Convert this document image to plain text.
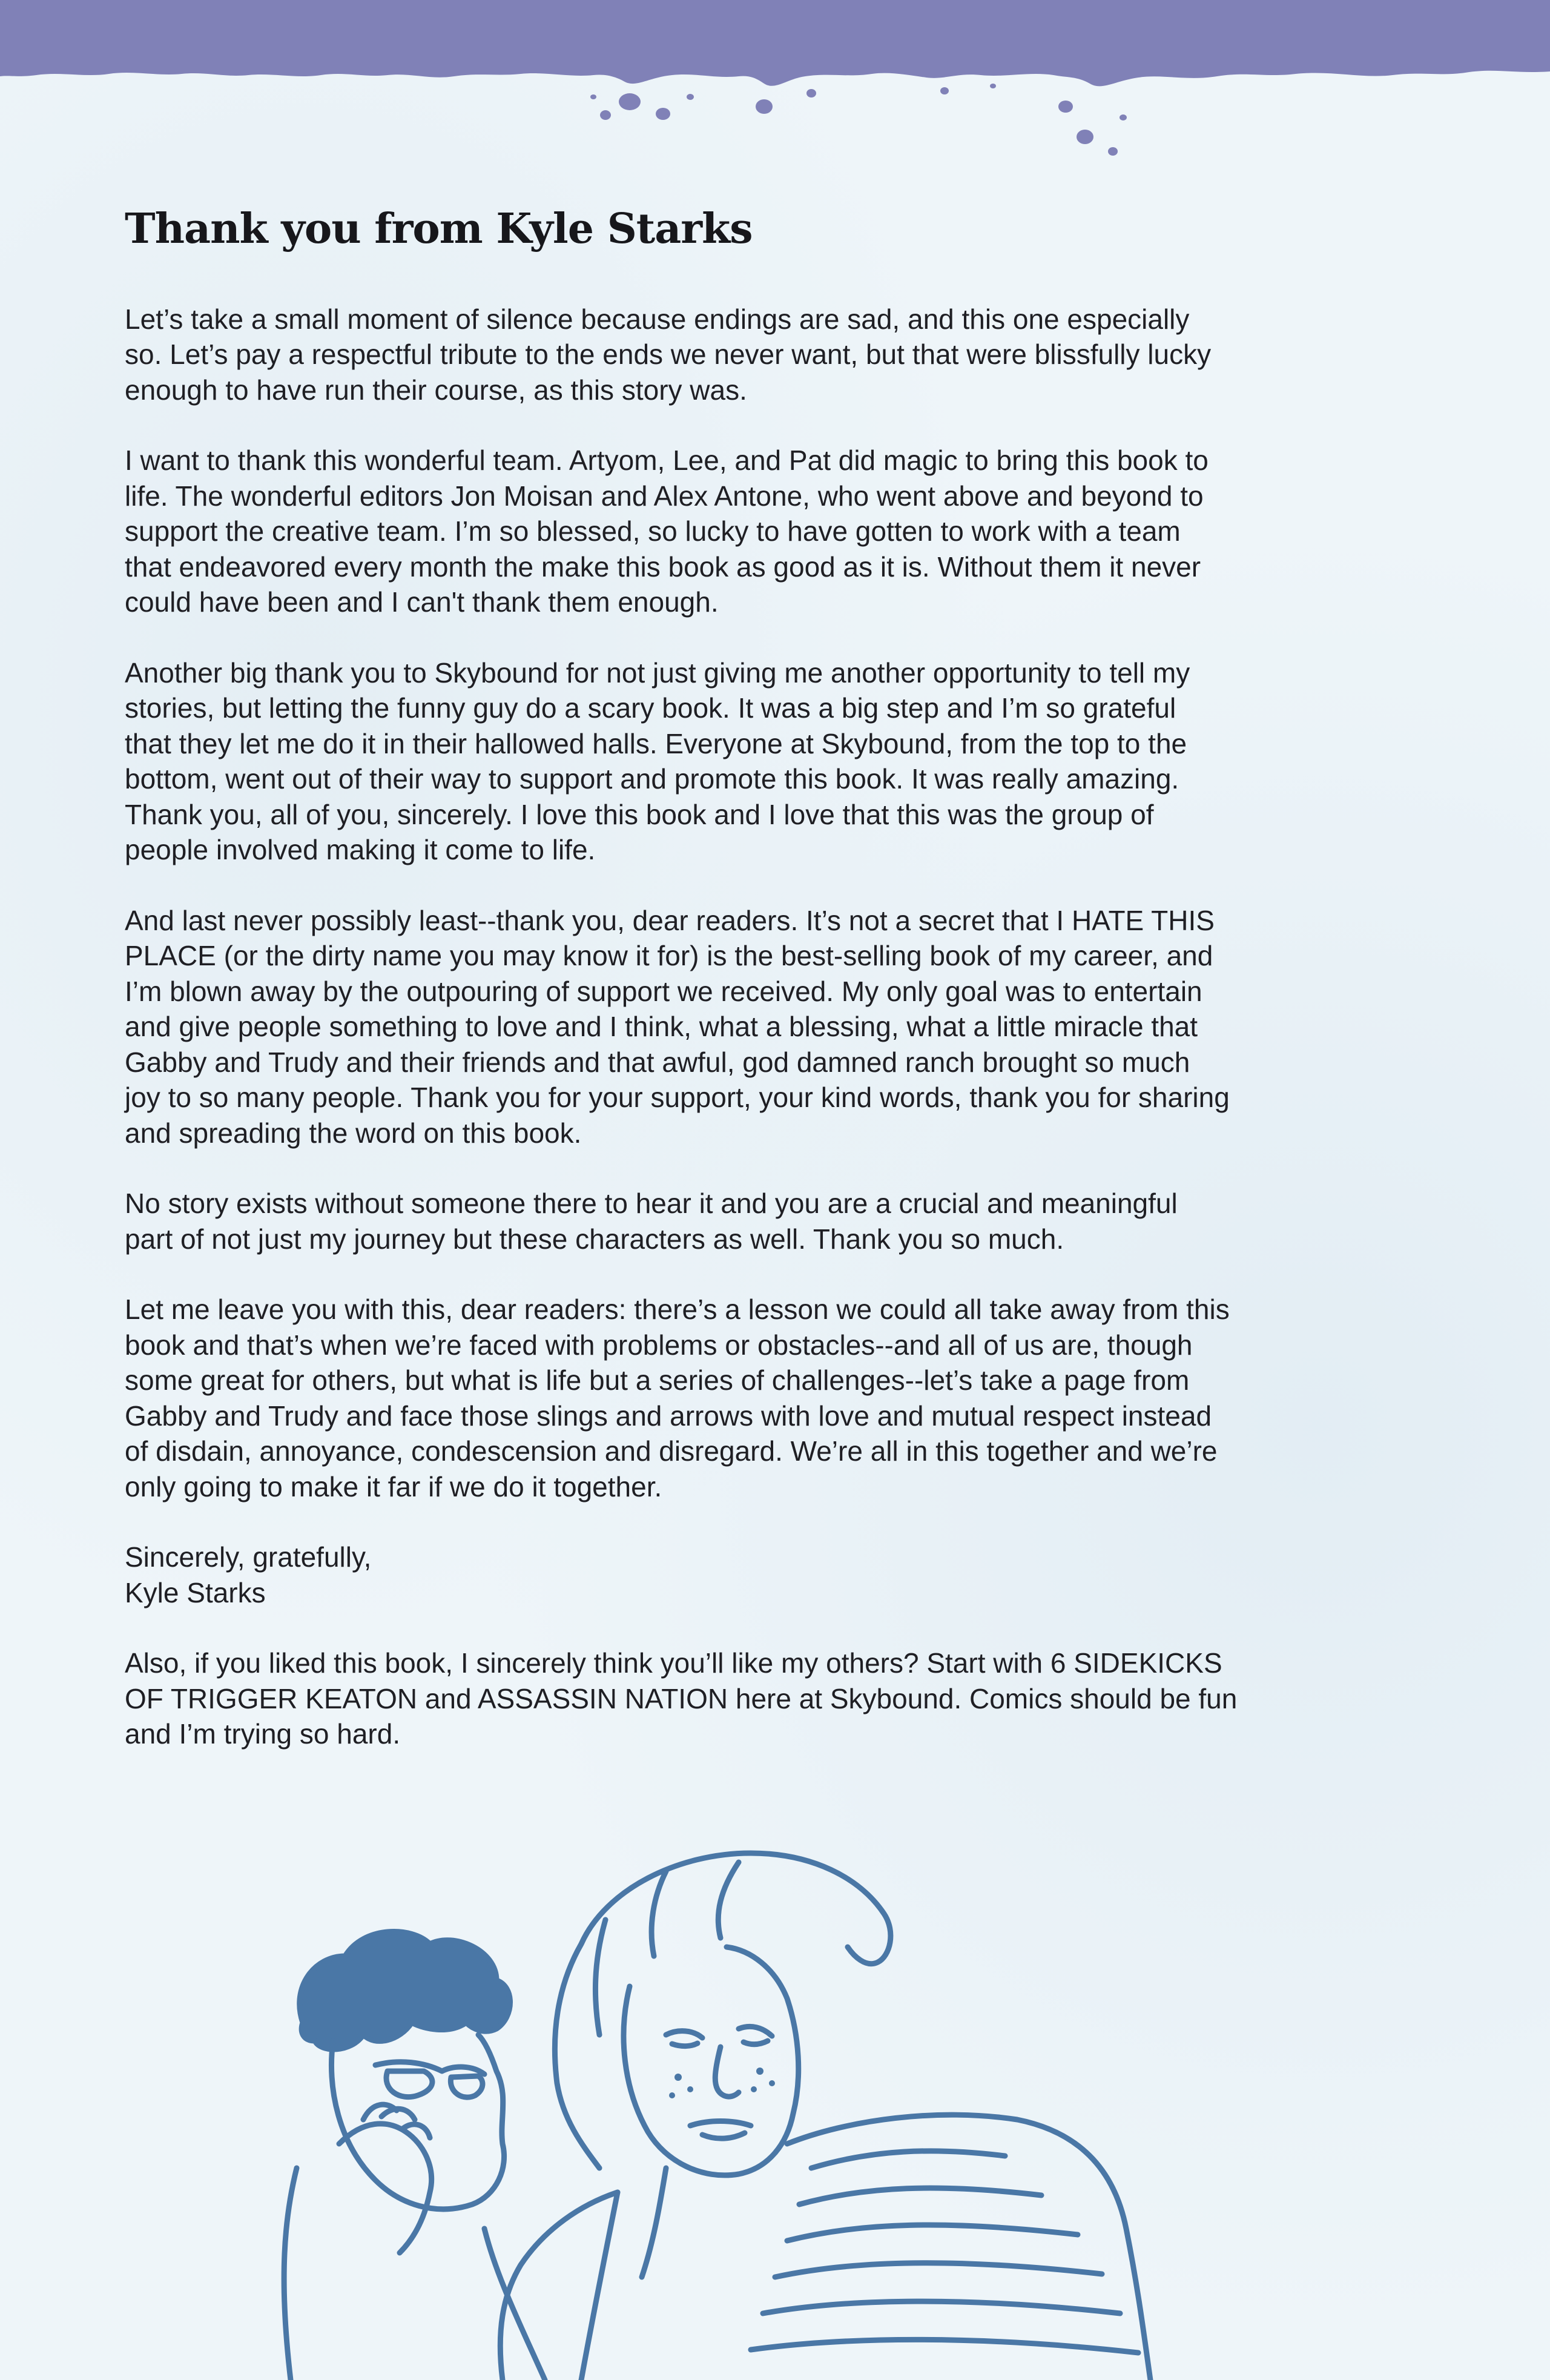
Thank you from Kyle Starks

Let’s take a small moment of silence because endings are sad, and this one especially
so. Let’s pay a respectful tribute to the ends we never want, but that were blissfully lucky
enough to have run their course, as this story was.

I want to thank this wonderful team. Artyom, Lee, and Pat did magic to bring this book to
life. The wonderful editors Jon Moisan and Alex Antone, who went above and beyond to
support the creative team. I’m so blessed, so lucky to have gotten to work with a team
that endeavored every month the make this book as good as it is. Without them it never
could have been and I can't thank them enough.

Another big thank you to Skybound for not just giving me another opportunity to tell my
stories, but letting the funny guy do a scary book. It was a big step and I’m so grateful
that they let me do it in their hallowed halls. Everyone at Skybound, from the top to the
bottom, went out of their way to support and promote this book. It was really amazing.
Thank you, all of you, sincerely. I love this book and I love that this was the group of
people involved making it come to life.

And last never possibly least--thank you, dear readers. It’s not a secret that I HATE THIS
PLACE (or the dirty name you may know it for) is the best-selling book of my career, and
I’m blown away by the outpouring of support we received. My only goal was to entertain
and give people something to love and I think, what a blessing, what a little miracle that
Gabby and Trudy and their friends and that awful, god damned ranch brought so much
joy to so many people. Thank you for your support, your kind words, thank you for sharing
and spreading the word on this book.

No story exists without someone there to hear it and you are a crucial and meaningful
part of not just my journey but these characters as well. Thank you so much.

Let me leave you with this, dear readers: there’s a lesson we could all take away from this
book and that’s when we’re faced with problems or obstacles--and all of us are, though
some great for others, but what is life but a series of challenges--let’s take a page from
Gabby and Trudy and face those slings and arrows with love and mutual respect instead
of disdain, annoyance, condescension and disregard. We’re all in this together and we’re
only going to make it far if we do it together.

Sincerely, gratefully,
Kyle Starks

Also, if you liked this book, I sincerely think you’ll like my others? Start with 6 SIDEKICKS
OF TRIGGER KEATON and ASSASSIN NATION here at Skybound. Comics should be fun
and I’m trying so hard.
